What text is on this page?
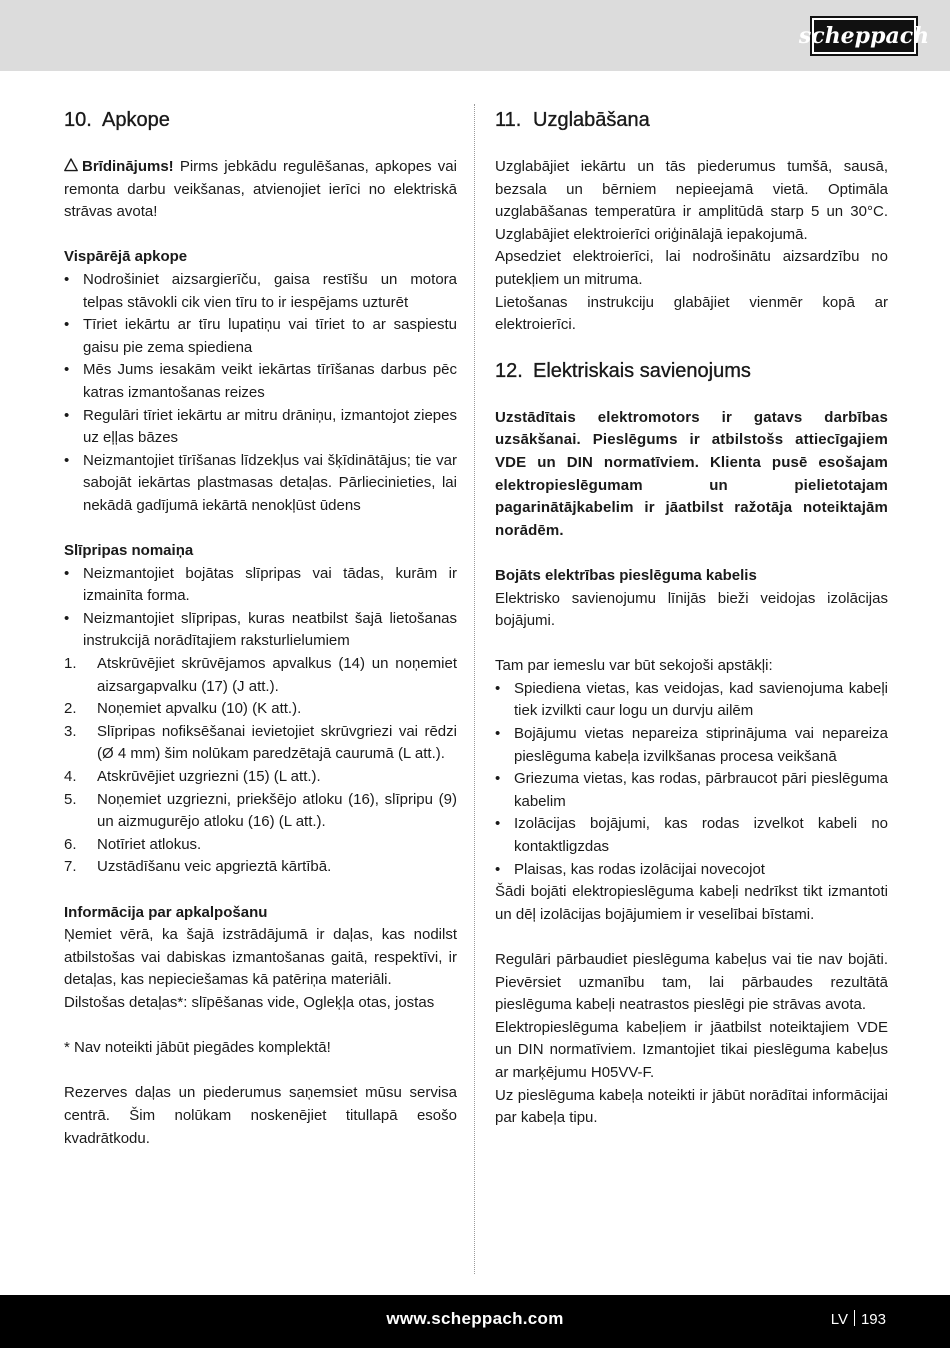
scheppach
10. Apkope

Brīdinājums! Pirms jebkādu regulēšanas, apkopes vai remonta darbu veikšanas, atvienojiet ierīci no elektriskā strāvas avota!

Vispārējā apkope

• Nodrošiniet aizsargierīču, gaisa restīšu un motora telpas stāvokli cik vien tīru to ir iespējams uzturēt
• Tīriet iekārtu ar tīru lupatiņu vai tīriet to ar saspiestu gaisu pie zema spiediena
• Mēs Jums iesakām veikt iekārtas tīrīšanas darbus pēc katras izmantošanas reizes
• Regulāri tīriet iekārtu ar mitru drāniņu, izmantojot ziepes uz eļļas bāzes
• Neizmantojiet tīrīšanas līdzekļus vai šķīdinātājus; tie var sabojāt iekārtas plastmasas detaļas. Pārliecinieties, lai nekādā gadījumā iekārtā nenokļūst ūdens

Slīpripas nomaiņa

• Neizmantojiet bojātas slīpripas vai tādas, kurām ir izmainīta forma.
• Neizmantojiet slīpripas, kuras neatbilst šajā lietošanas instrukcijā norādītajiem raksturlielumiem
1. Atskrūvējiet skrūvējamos apvalkus (14) un noņemiet aizsargapvalku (17) (J att.).
2. Noņemiet apvalku (10) (K att.).
3. Slīpripas nofiksēšanai ievietojiet skrūvgriezi vai rēdzi (Ø 4 mm) šim nolūkam paredzētajā caurumā (L att.).
4. Atskrūvējiet uzgriezni (15) (L att.).
5. Noņemiet uzgriezni, priekšējo atloku (16), slīpripu (9) un aizmugurējo atloku (16) (L att.).
6. Notīriet atlokus.
7. Uzstādīšanu veic apgrieztā kārtībā.

Informācija par apkalpošanu

Ņemiet vērā, ka šajā izstrādājumā ir daļas, kas nodilst atbilstošas vai dabiskas izmantošanas gaitā, respektīvi, ir detaļas, kas nepieciešamas kā patēriņa materiāli.

Dilstošas detaļas*: slīpēšanas vide, Ogleķļa otas, jostas

* Nav noteikti jābūt piegādes komplektā!

Rezerves daļas un piederumus saņemsiet mūsu servisa centrā. Šim nolūkam noskenējiet titullapā esošo kvadrātkodu.

11. Uzglabāšana

Uzglabājiet iekārtu un tās piederumus tumšā, sausā, bezsala un bērniem nepieejamā vietā. Optimāla uzglabāšanas temperatūra ir amplitūdā starp 5 un 30°C. Uzglabājiet elektroierīci oriģinālajā iepakojumā.

Apsedziet elektroierīci, lai nodrošinātu aizsardzību no putekļiem un mitruma.

Lietošanas instrukciju glabājiet vienmēr kopā ar elektroierīci.

12. Elektriskais savienojums

Uzstādītais elektromotors ir gatavs darbības uzsākšanai. Pieslēgums ir atbilstošs attiecīgajiem VDE un DIN normatīviem. Klienta pusē esošajam elektropieslēgumam un pielietotajam pagarinātājkabelim ir jāatbilst ražotāja noteiktajām norādēm.

Bojāts elektrības pieslēguma kabelis

Elektrisko savienojumu līnijās bieži veidojas izolācijas bojājumi.

Tam par iemeslu var būt sekojoši apstākļi:

• Spiediena vietas, kas veidojas, kad savienojuma kabeļi tiek izvilkti caur logu un durvju ailēm
• Bojājumu vietas nepareiza stiprinājuma vai nepareiza pieslēguma kabeļa izvilkšanas procesa veikšanā
• Griezuma vietas, kas rodas, pārbraucot pāri pieslēguma kabelim
• Izolācijas bojājumi, kas rodas izvelkot kabeli no kontaktligzdas
• Plaisas, kas rodas izolācijai novecojot

Šādi bojāti elektropieslēguma kabeļi nedrīkst tikt izmantoti un dēļ izolācijas bojājumiem ir veselībai bīstami.

Regulāri pārbaudiet pieslēguma kabeļus vai tie nav bojāti. Pievērsiet uzmanību tam, lai pārbaudes rezultātā pieslēguma kabeļi neatrastos pieslēgi pie strāvas avota.

Elektropieslēguma kabeļiem ir jāatbilst noteiktajiem VDE un DIN normatīviem. Izmantojiet tikai pieslēguma kabeļus ar marķējumu H05VV-F.

Uz pieslēguma kabeļa noteikti ir jābūt norādītai informācijai par kabeļa tipu.

www.scheppach.com	LV 193
